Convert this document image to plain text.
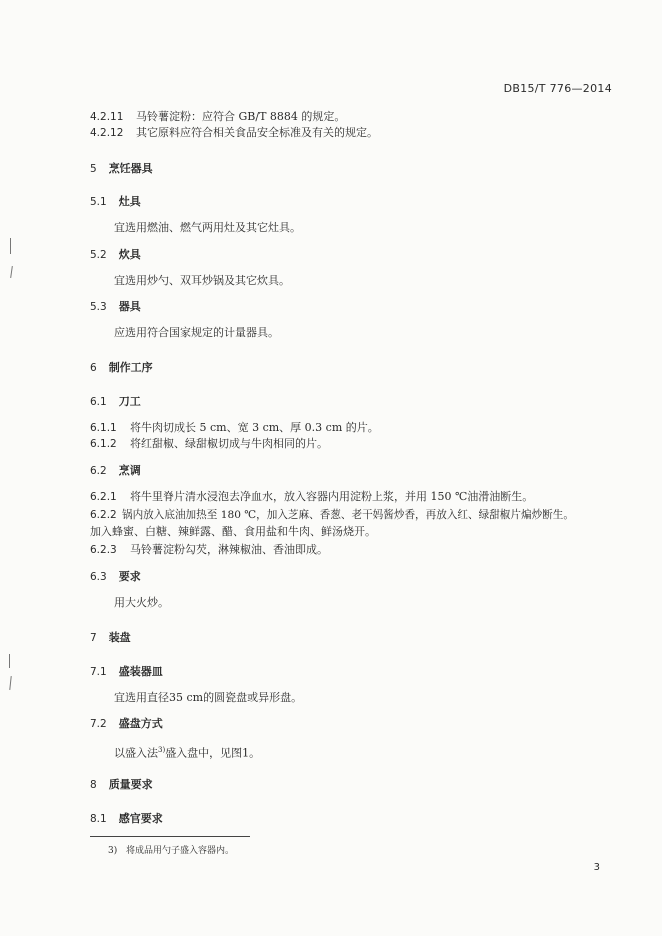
DB15/T 776—2014
4.2.11 马铃薯淀粉：应符合 GB/T 8884 的规定。
4.2.12 其它原料应符合相关食品安全标准及有关的规定。
5 烹饪器具
5.1 灶具
宜选用燃油、燃气两用灶及其它灶具。
5.2 炊具
宜选用炒勺、双耳炒锅及其它炊具。
5.3 器具
应选用符合国家规定的计量器具。
6 制作工序
6.1 刀工
6.1.1 将牛肉切成长 5 cm、宽 3 cm、厚 0.3 cm 的片。
6.1.2 将红甜椒、绿甜椒切成与牛肉相同的片。
6.2 烹调
6.2.1 将牛里脊片清水浸泡去净血水，放入容器内用淀粉上浆，并用 150 ℃油滑油断生。
6.2.2 锅内放入底油加热至 180 ℃，加入芝麻、香葱、老干妈酱炒香，再放入红、绿甜椒片煸炒断生。
加入蜂蜜、白糖、辣鲜露、醋、食用盐和牛肉、鲜汤烧开。
6.2.3 马铃薯淀粉勾芡，淋辣椒油、香油即成。
6.3 要求
用大火炒。
7 装盘
7.1 盛装器皿
宜选用直径35 cm的圆瓷盘或异形盘。
7.2 盛盘方式
以盛入法$^{3)}$盛入盘中，见图1。
8 质量要求
8.1 感官要求
3) 将成品用勺子盛入容器内。
3
